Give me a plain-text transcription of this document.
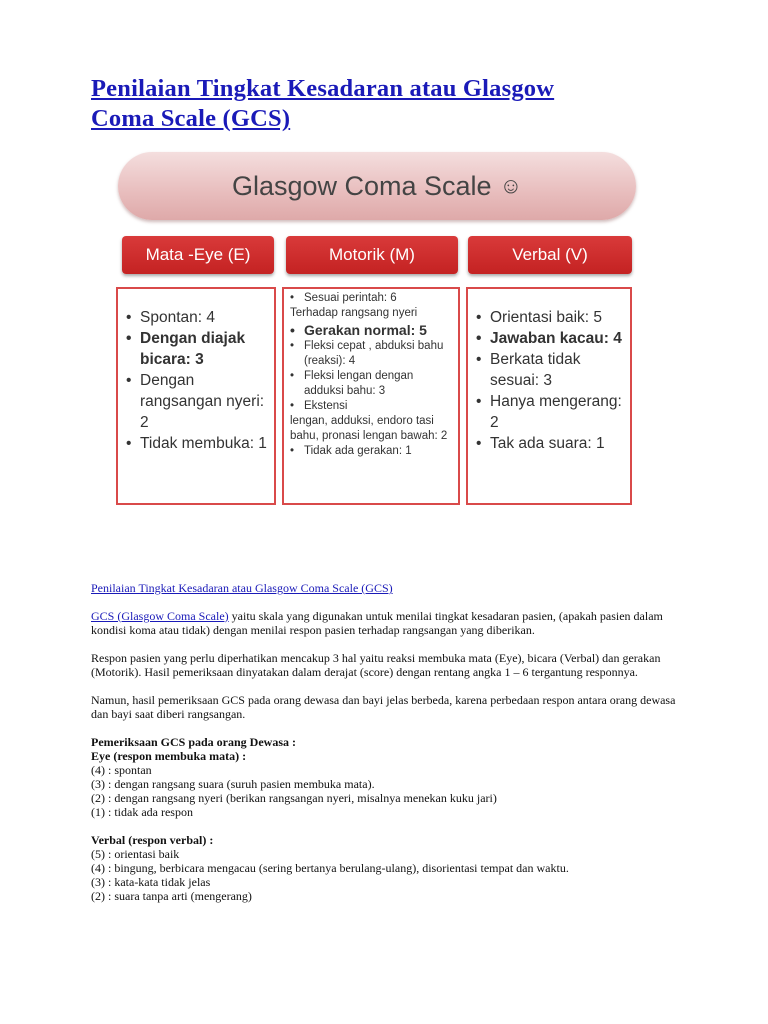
Penilaian Tingkat Kesadaran atau Glasgow
Coma Scale (GCS)
Glasgow Coma Scale ☺
Mata -Eye (E)	Motorik (M)	Verbal (V)
• Spontan: 4
• Dengan diajak bicara: 3
• Dengan rangsangan nyeri: 2
• Tidak membuka: 1
• Sesuai perintah: 6
Terhadap rangsang nyeri
• Gerakan normal: 5
• Fleksi cepat , abduksi bahu (reaksi): 4
• Fleksi lengan dengan adduksi bahu: 3
• Ekstensi
lengan, adduksi, endoro tasi bahu, pronasi lengan bawah: 2
• Tidak ada gerakan: 1
• Orientasi baik: 5
• Jawaban kacau: 4
• Berkata tidak sesuai: 3
• Hanya mengerang: 2
• Tak ada suara: 1

Penilaian Tingkat Kesadaran atau Glasgow Coma Scale (GCS)

GCS (Glasgow Coma Scale) yaitu skala yang digunakan untuk menilai tingkat kesadaran pasien, (apakah pasien dalam kondisi koma atau tidak) dengan menilai respon pasien terhadap rangsangan yang diberikan.

Respon pasien yang perlu diperhatikan mencakup 3 hal yaitu reaksi membuka mata (Eye), bicara (Verbal) dan gerakan (Motorik). Hasil pemeriksaan dinyatakan dalam derajat (score) dengan rentang angka 1 – 6 tergantung responnya.

Namun, hasil pemeriksaan GCS pada orang dewasa dan bayi jelas berbeda, karena perbedaan respon antara orang dewasa dan bayi saat diberi rangsangan.

Pemeriksaan GCS pada orang Dewasa :

Eye (respon membuka mata) :

(4) : spontan

(3) : dengan rangsang suara (suruh pasien membuka mata).

(2) : dengan rangsang nyeri (berikan rangsangan nyeri, misalnya menekan kuku jari)

(1) : tidak ada respon

Verbal (respon verbal) :

(5) : orientasi baik

(4) : bingung, berbicara mengacau (sering bertanya berulang-ulang), disorientasi tempat dan waktu.

(3) : kata-kata tidak jelas

(2) : suara tanpa arti (mengerang)
